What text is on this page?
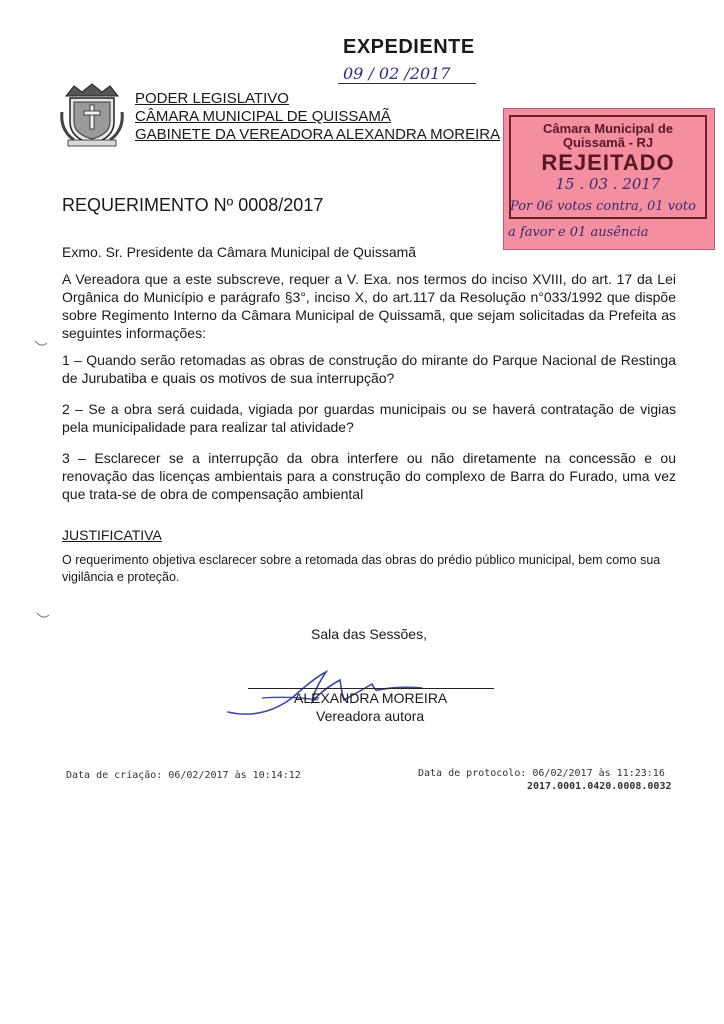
EXPEDIENTE
09 / 02 /2017
PODER LEGISLATIVO
CÂMARA MUNICIPAL DE QUISSAMÃ
GABINETE DA VEREADORA ALEXANDRA MOREIRA	Câmara Municipal de
Quissamã - RJ
REJEITADO
15 . 03 . 2017
Por 06 votos contra, 01 voto
a favor e 01 ausência
REQUERIMENTO Nº 0008/2017
Exmo. Sr. Presidente da Câmara Municipal de Quissamã
A Vereadora que a este subscreve, requer a V. Exa. nos termos do inciso XVIII, do art. 17 da Lei Orgânica do Município e parágrafo §3°, inciso X, do art.117 da Resolução n°033/1992 que dispõe sobre Regimento Interno da Câmara Municipal de Quissamã, que sejam solicitadas da Prefeita as seguintes informações:
1 – Quando serão retomadas as obras de construção do mirante do Parque Nacional de Restinga de Jurubatiba e quais os motivos de sua interrupção?
2 – Se a obra será cuidada, vigiada por guardas municipais ou se haverá contratação de vigias pela municipalidade para realizar tal atividade?
3 – Esclarecer se a interrupção da obra interfere ou não diretamente na concessão e ou renovação das licenças ambientais para a construção do complexo de Barra do Furado, uma vez que trata-se de obra de compensação ambiental
JUSTIFICATIVA
O requerimento objetiva esclarecer sobre a retomada das obras do prédio público municipal, bem como sua vigilância e proteção.
Sala das Sessões,
ALEXANDRA MOREIRA
Vereadora autora
Data de criação: 06/02/2017 às 10:14:12	Data de protocolo: 06/02/2017 às 11:23:16
2017.0001.0420.0008.0032
